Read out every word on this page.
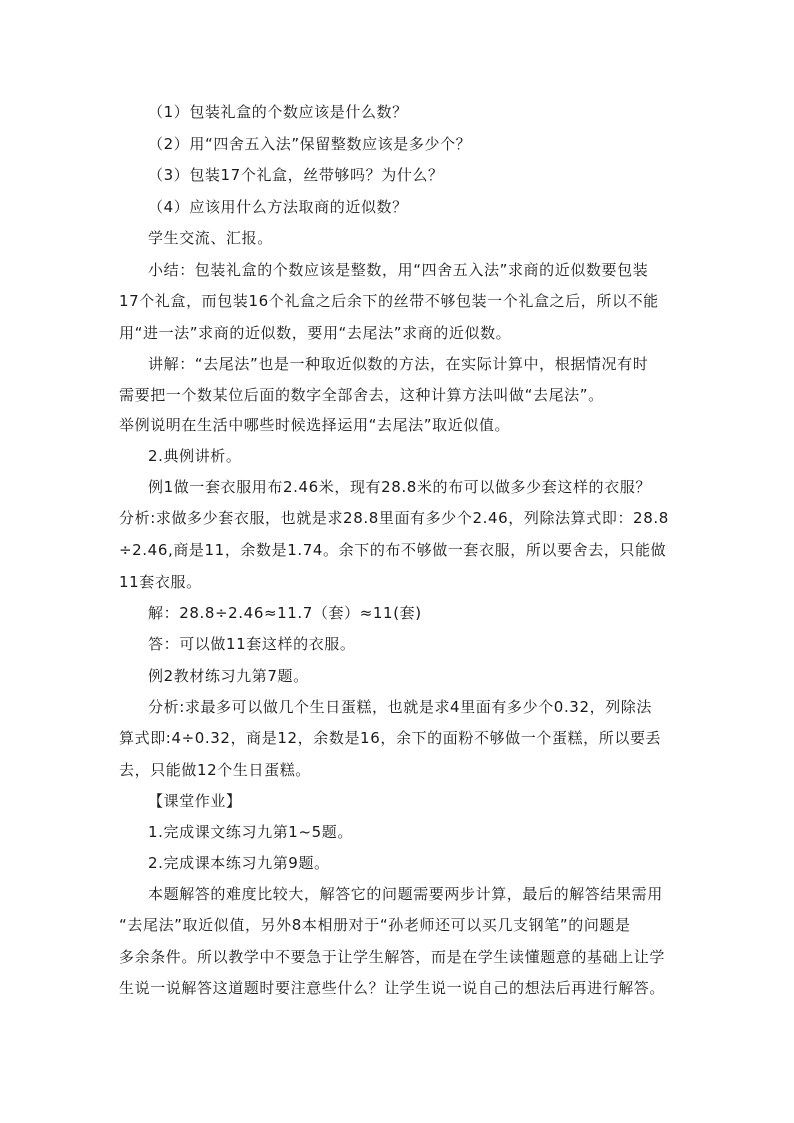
（1）包装礼盒的个数应该是什么数？
（2）用“四舍五入法”保留整数应该是多少个？
（3）包装17个礼盒，丝带够吗？为什么？
（4）应该用什么方法取商的近似数？
学生交流、汇报。
小结：包装礼盒的个数应该是整数，用“四舍五入法”求商的近似数要包装
17个礼盒，而包装16个礼盒之后余下的丝带不够包装一个礼盒之后，所以不能
用“进一法”求商的近似数，要用“去尾法”求商的近似数。
讲解：“去尾法”也是一种取近似数的方法，在实际计算中，根据情况有时
需要把一个数某位后面的数字全部舍去，这种计算方法叫做“去尾法”。
举例说明在生活中哪些时候选择运用“去尾法”取近似值。
2.典例讲析。
例1做一套衣服用布2.46米，现有28.8米的布可以做多少套这样的衣服？
分析:求做多少套衣服，也就是求28.8里面有多少个2.46，列除法算式即：28.8
÷2.46,商是11，余数是1.74。余下的布不够做一套衣服，所以要舍去，只能做
11套衣服。
解：28.8÷2.46≈11.7（套）≈11(套)
答：可以做11套这样的衣服。
例2教材练习九第7题。
分析:求最多可以做几个生日蛋糕，也就是求4里面有多少个0.32，列除法
算式即:4÷0.32，商是12，余数是16，余下的面粉不够做一个蛋糕，所以要丢
去，只能做12个生日蛋糕。
【课堂作业】
1.完成课文练习九第1~5题。
2.完成课本练习九第9题。
本题解答的难度比较大，解答它的问题需要两步计算，最后的解答结果需用
“去尾法”取近似值，另外8本相册对于“孙老师还可以买几支钢笔”的问题是
多余条件。所以教学中不要急于让学生解答，而是在学生读懂题意的基础上让学
生说一说解答这道题时要注意些什么？让学生说一说自己的想法后再进行解答。
